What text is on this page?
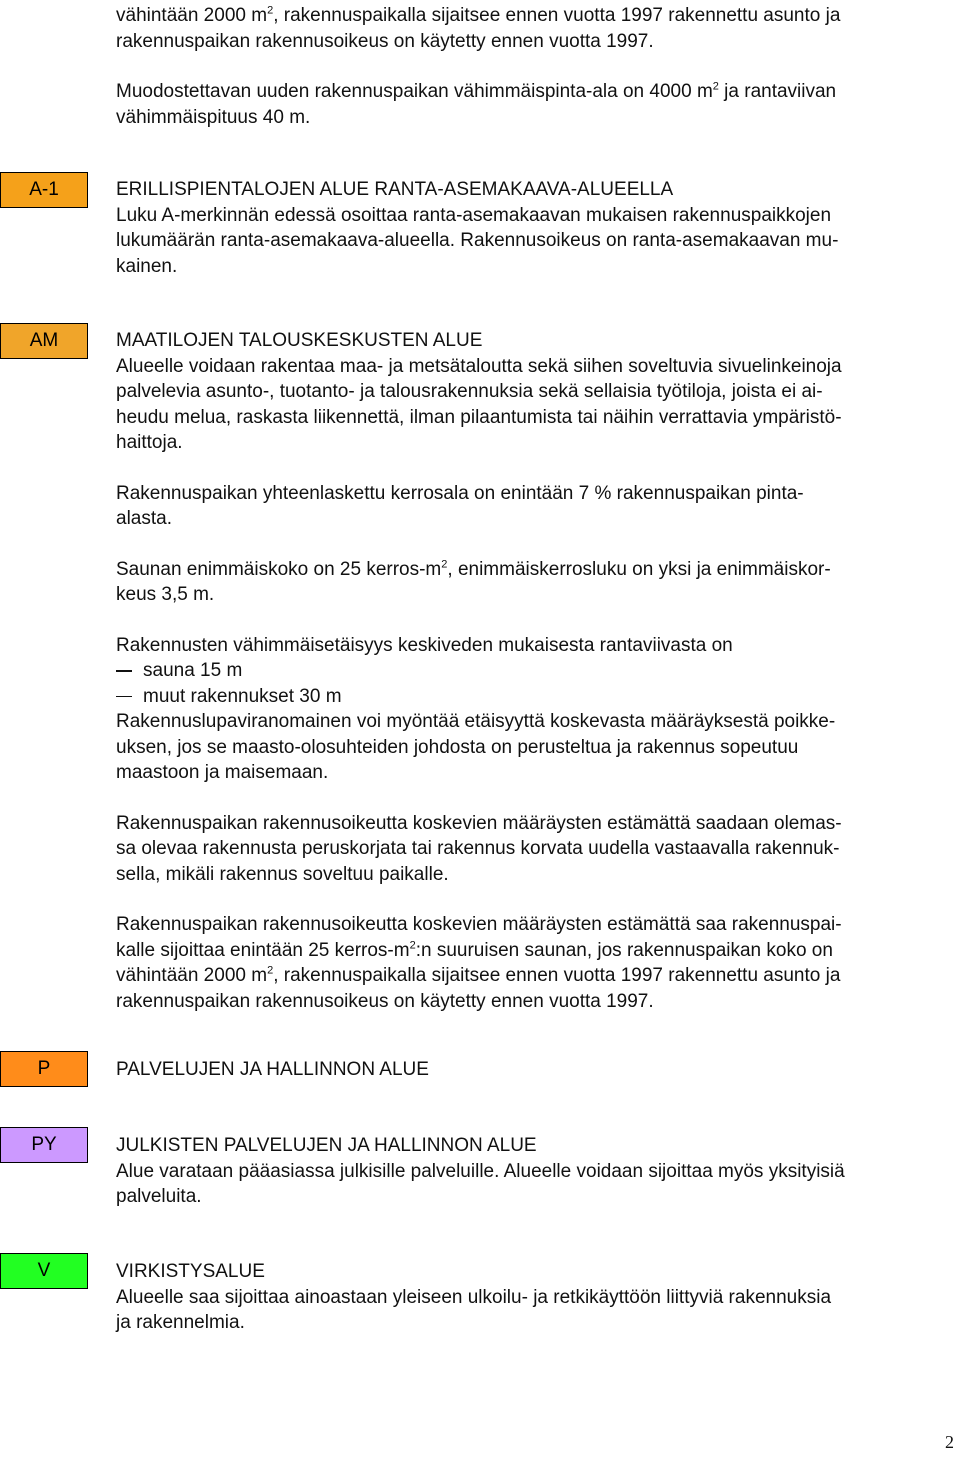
vähintään 2000 $m^2$, rakennuspaikalla sijaitsee ennen vuotta 1997 rakennettu asunto ja
rakennuspaikan rakennusoikeus on käytetty ennen vuotta 1997.

Muodostettavan uuden rakennuspaikan vähimmäispinta-ala on 4000 $m^2$ ja rantaviivan
vähimmäispituus 40 m.

A-1	ERILLISPIENTALOJEN ALUE RANTA-ASEMAKAAVA-ALUEELLA

Luku A-merkinnän edessä osoittaa ranta-asemakaavan mukaisen rakennuspaikkojen
lukumäärän ranta-asemakaava-alueella. Rakennusoikeus on ranta-asemakaavan mu-
kainen.

AM	MAATILOJEN TALOUSKESKUSTEN ALUE

Alueelle voidaan rakentaa maa- ja metsätaloutta sekä siihen soveltuvia sivuelinkeinoja
palvelevia asunto-, tuotanto- ja talousrakennuksia sekä sellaisia työtiloja, joista ei ai-
heudu melua, raskasta liikennettä, ilman pilaantumista tai näihin verrattavia ympäristö-
haittoja.

Rakennuspaikan yhteenlaskettu kerrosala on enintään 7 % rakennuspaikan pinta-
alasta.

Saunan enimmäiskoko on 25 kerros-$m^2$, enimmäiskerrosluku on yksi ja enimmäiskor-
keus 3,5 m.

Rakennusten vähimmäisetäisyys keskiveden mukaisesta rantaviivasta on

sauna 15 m

muut rakennukset 30 m

Rakennuslupaviranomainen voi myöntää etäisyyttä koskevasta määräyksestä poikke-
uksen, jos se maasto-olosuhteiden johdosta on perusteltua ja rakennus sopeutuu
maastoon ja maisemaan.

Rakennuspaikan rakennusoikeutta koskevien määräysten estämättä saadaan olemas-
sa olevaa rakennusta peruskorjata tai rakennus korvata uudella vastaavalla rakennuk-
sella, mikäli rakennus soveltuu paikalle.

Rakennuspaikan rakennusoikeutta koskevien määräysten estämättä saa rakennuspai-
kalle sijoittaa enintään 25 kerros-$m^2:n$ suuruisen saunan, jos rakennuspaikan koko on
vähintään 2000 $m^2$, rakennuspaikalla sijaitsee ennen vuotta 1997 rakennettu asunto ja
rakennuspaikan rakennusoikeus on käytetty ennen vuotta 1997.

P	PALVELUJEN JA HALLINNON ALUE

PY	JULKISTEN PALVELUJEN JA HALLINNON ALUE

Alue varataan pääasiassa julkisille palveluille. Alueelle voidaan sijoittaa myös yksityisiä
palveluita.

V	VIRKISTYSALUE

Alueelle saa sijoittaa ainoastaan yleiseen ulkoilu- ja retkikäyttöön liittyviä rakennuksia
ja rakennelmia.

2
